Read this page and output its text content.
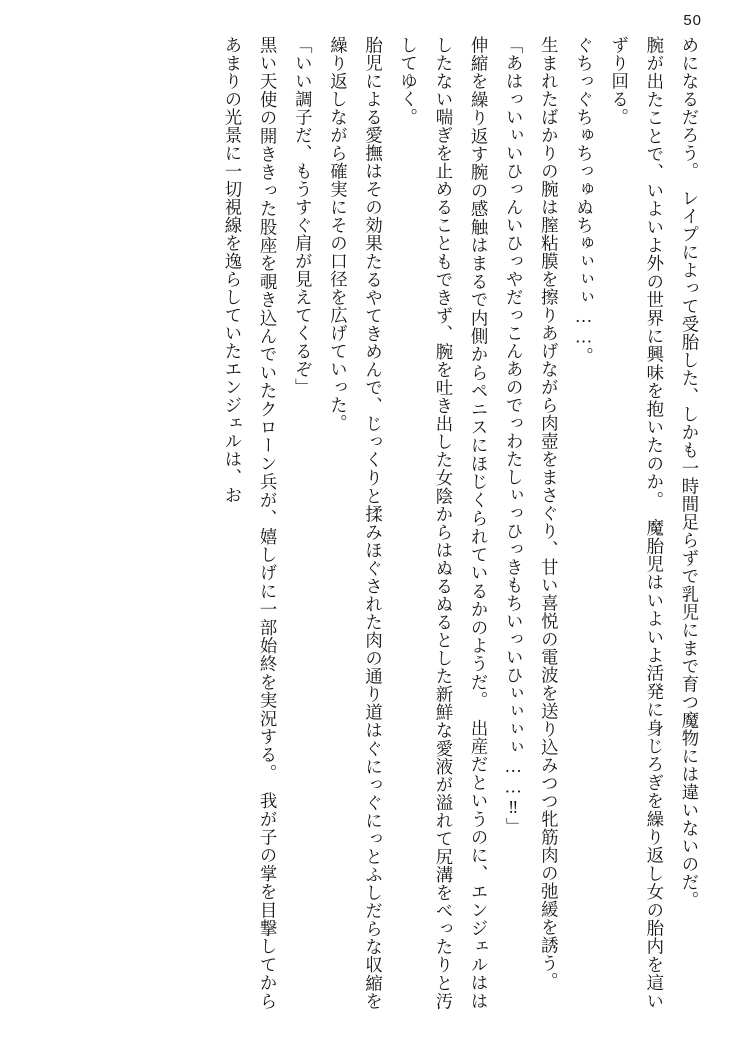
50

めになるだろう。　レイプによって受胎した、しかも一時間足らずで乳児にまで育つ魔物には違いないのだ。

腕が出たことで、いよいよ外の世界に興味を抱いたのか。　魔胎児はいよいよ活発に身じろぎを繰り返し女の胎内を這いずり回る。

ぐちっぐちゅちっゅぬちゅぃぃぃ……。

生まれたばかりの腕は膣粘膜を擦りあげながら肉壺をまさぐり、甘い喜悦の電波を送り込みつつ牝筋肉の弛緩を誘う。

「あはっいぃいひっんいひっやだっこんあのでっわたしぃっひっきもちいっいひぃぃぃぃ……‼」

伸縮を繰り返す腕の感触はまるで内側からペニスにほじくられているかのようだ。　出産だというのに、エンジェルははしたない喘ぎを止めることもできず、腕を吐き出した女陰からはぬるぬるとした新鮮な愛液が溢れて尻溝をべったりと汚してゆく。

胎児による愛撫はその効果たるやてきめんで、じっくりと揉みほぐされた肉の通り道はぐにっぐにっとふしだらな収縮を繰り返しながら確実にその口径を広げていった。

「いい調子だ、もうすぐ肩が見えてくるぞ」

黒い天使の開ききった股座を覗き込んでいたクローン兵が、嬉しげに一部始終を実況する。　我が子の掌を目撃してからあまりの光景に一切視線を逸らしていたエンジェルは、お
